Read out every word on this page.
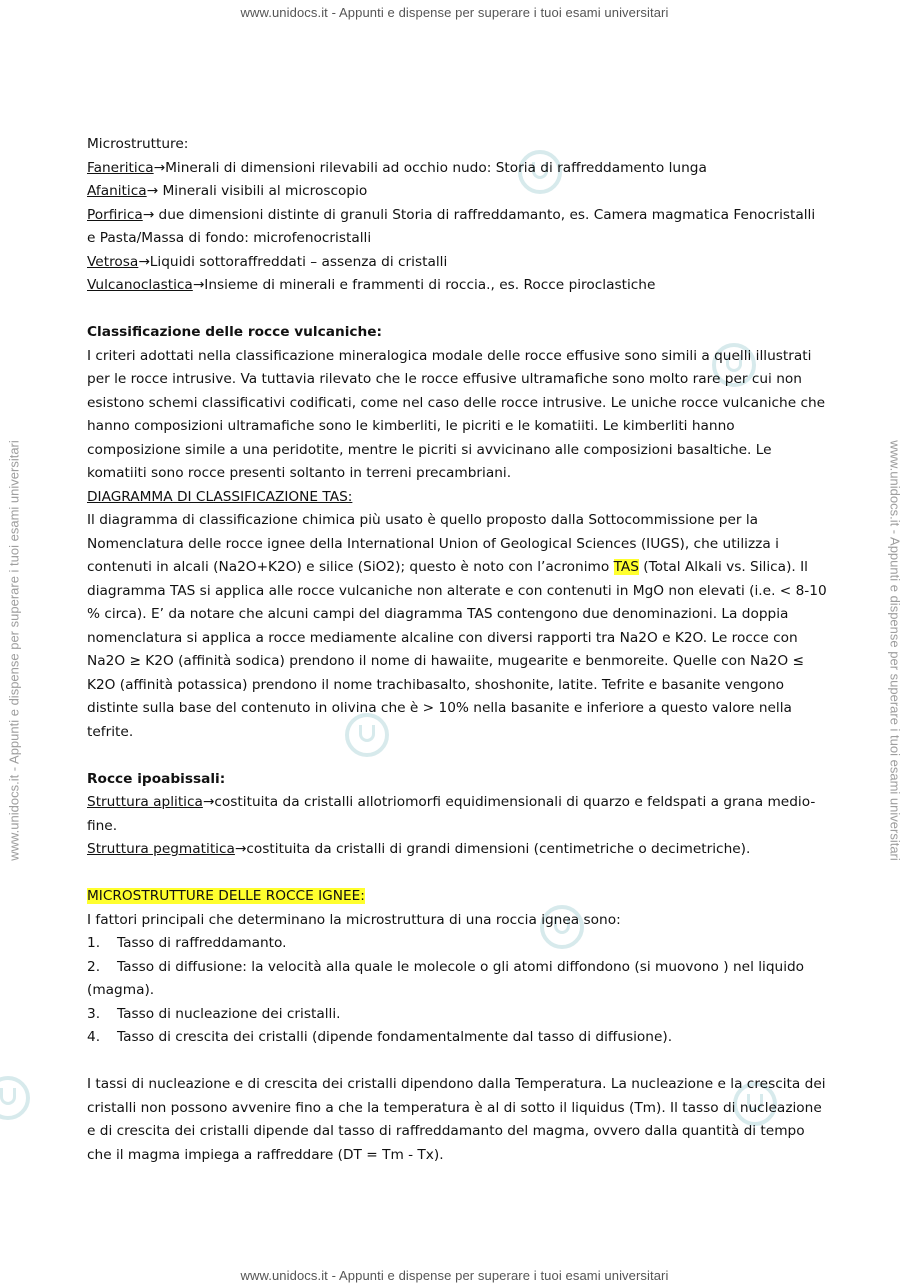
www.unidocs.it - Appunti e dispense per superare i tuoi esami universitari
www.unidocs.it - Appunti e dispense per superare i tuoi esami universitari
www.unidocs.it - Appunti e dispense per superare i tuoi esami universitari	www.unidocs.it - Appunti e dispense per superare i tuoi esami universitari

Microstrutture:

Faneritica→Minerali di dimensioni rilevabili ad occhio nudo: Storia di raffreddamento lunga

Afanitica→ Minerali visibili al microscopio

Porfirica→ due dimensioni distinte di granuli Storia di raffreddamanto, es. Camera magmatica Fenocristalli e Pasta/Massa di fondo: microfenocristalli

Vetrosa→Liquidi sottoraffreddati – assenza di cristalli

Vulcanoclastica→Insieme di minerali e frammenti di roccia., es. Rocce piroclastiche

Classificazione delle rocce vulcaniche:

I criteri adottati nella classificazione mineralogica modale delle rocce effusive sono simili a quelli illustrati per le rocce intrusive. Va tuttavia rilevato che le rocce effusive ultramafiche sono molto rare per cui non esistono schemi classificativi codificati, come nel caso delle rocce intrusive. Le uniche rocce vulcaniche che hanno composizioni ultramafiche sono le kimberliti, le picriti e le komatiiti. Le kimberliti hanno composizione simile a una peridotite, mentre le picriti si avvicinano alle composizioni basaltiche. Le komatiiti sono rocce presenti soltanto in terreni precambriani.

DIAGRAMMA DI CLASSIFICAZIONE TAS:

Il diagramma di classificazione chimica più usato è quello proposto dalla Sottocommissione per la Nomenclatura delle rocce ignee della International Union of Geological Sciences (IUGS), che utilizza i contenuti in alcali (Na2O+K2O) e silice (SiO2); questo è noto con l’acronimo TAS (Total Alkali vs. Silica). Il diagramma TAS si applica alle rocce vulcaniche non alterate e con contenuti in MgO non elevati (i.e. < 8-10 % circa). E’ da notare che alcuni campi del diagramma TAS contengono due denominazioni. La doppia nomenclatura si applica a rocce mediamente alcaline con diversi rapporti tra Na2O e K2O. Le rocce con Na2O ≥ K2O (affinità sodica) prendono il nome di hawaiite, mugearite e benmoreite. Quelle con Na2O ≤ K2O (affinità potassica) prendono il nome trachibasalto, shoshonite, latite. Tefrite e basanite vengono distinte sulla base del contenuto in olivina che è > 10% nella basanite e inferiore a questo valore nella tefrite.

Rocce ipoabissali:

Struttura aplitica→costituita da cristalli allotriomorfi equidimensionali di quarzo e feldspati a grana medio-fine.

Struttura pegmatitica→costituita da cristalli di grandi dimensioni (centimetriche o decimetriche).

MICROSTRUTTURE DELLE ROCCE IGNEE:

I fattori principali che determinano la microstruttura di una roccia ignea sono:

1.	Tasso di raffreddamanto.
2. Tasso di diffusione: la velocità alla quale le molecole o gli atomi diffondono (si muovono ) nel liquido (magma).
3.	Tasso di nucleazione dei cristalli.
4.	Tasso di crescita dei cristalli (dipende fondamentalmente dal tasso di diffusione).

I tassi di nucleazione e di crescita dei cristalli dipendono dalla Temperatura. La nucleazione e la crescita dei cristalli non possono avvenire fino a che la temperatura è al di sotto il liquidus (Tm). Il tasso di nucleazione e di crescita dei cristalli dipende dal tasso di raffreddamanto del magma, ovvero dalla quantità di tempo che il magma impiega a raffreddare (DT = Tm - Tx).
